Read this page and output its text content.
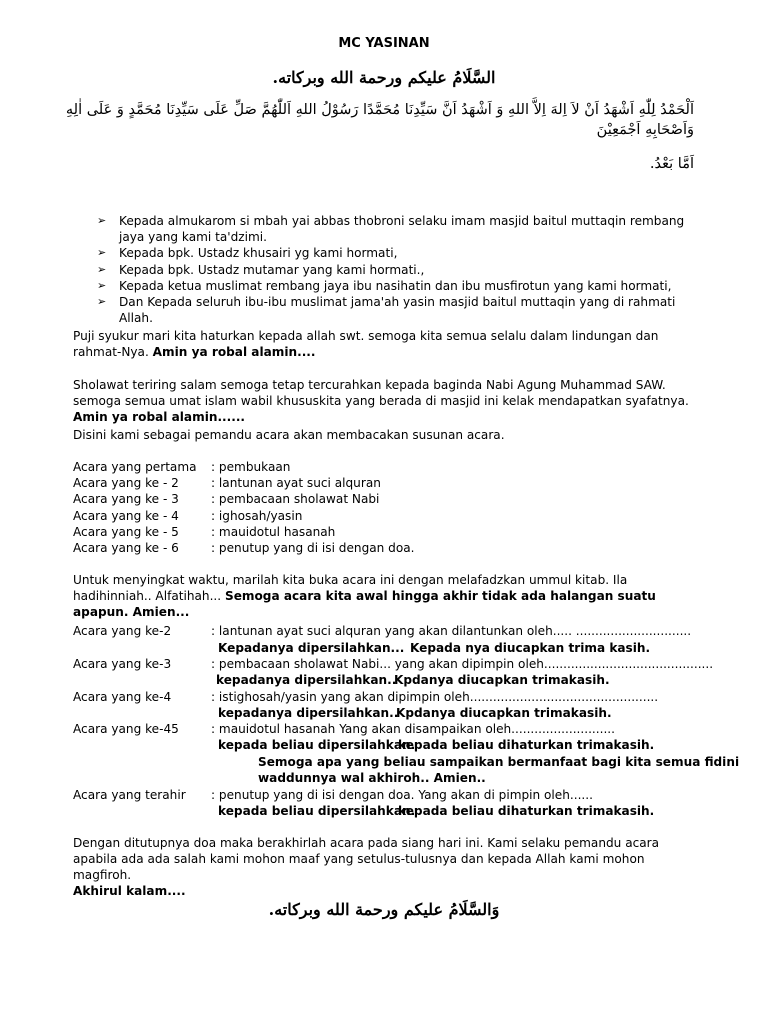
MC YASINAN
السَّلَامُ عليكم ورحمة الله وبركاته.
اَلْحَمْدُ لِلّٰهِ اَشْهَدُ اَنْ لاَ اِلهَ اِلاَّ اللهِ وَ اَشْهَدُ اَنَّ سَيِّدِنَا مُحَمَّدًا رَسُوْلُ اللهِ اَللّٰهُمَّ صَلِّ عَلَى سَيِّدِنَا مُحَمَّدٍ وَ عَلَى اٰلِهِ وَاَصْحَابِهِ اَجْمَعِيْنَ
اَمَّا بَعْدُ.
➢ Kepada almukarom si mbah yai abbas thobroni selaku imam masjid baitul muttaqin rembang jaya yang kami ta'dzimi.
➢ Kepada bpk. Ustadz khusairi yg kami hormati,
➢ Kepada bpk. Ustadz mutamar yang kami hormati.,
➢ Kepada ketua muslimat rembang jaya ibu nasihatin dan ibu musfirotun yang kami hormati,
➢ Dan Kepada seluruh ibu-ibu muslimat jama'ah yasin masjid baitul muttaqin yang di rahmati Allah.
Puji syukur mari kita haturkan kepada allah swt. semoga kita semua selalu dalam lindungan dan rahmat-Nya. Amin ya robal alamin....
Sholawat teriring salam semoga tetap tercurahkan kepada baginda Nabi Agung Muhammad SAW. semoga semua umat islam wabil khususkita yang berada di masjid ini kelak mendapatkan syafatnya. Amin ya robal alamin......
Disini kami sebagai pemandu acara akan membacakan susunan acara.
Acara yang pertama : pembukaan
Acara yang ke - 2	: lantunan ayat suci alquran
Acara yang ke - 3	: pembacaan sholawat Nabi
Acara yang ke - 4	: ighosah/yasin
Acara yang ke - 5	: mauidotul hasanah
Acara yang ke - 6	: penutup yang di isi dengan doa.
Untuk menyingkat waktu, marilah kita buka acara ini dengan melafadzkan ummul kitab. Ila hadihinniah.. Alfatihah... Semoga acara kita awal hingga akhir tidak ada halangan suatu apapun. Amien...
Acara yang ke-2	: lantunan ayat suci alquran yang akan dilantunkan oleh..... ..............................
Kepadanya dipersilahkan... Kepada nya diucapkan trima kasih.
Acara yang ke-3	: pembacaan sholawat Nabi... yang akan dipimpin oleh............................................
kepadanya dipersilahkan..
Kpdanya diucapkan trimakasih.
Acara yang ke-4	: istighosah/yasin yang akan dipimpin oleh.................................................
kepadanya dipersilahkan..
Kpdanya diucapkan trimakasih.
Acara yang ke-45	: mauidotul hasanah Yang akan disampaikan oleh...........................
kepada beliau dipersilahkan.
kepada beliau dihaturkan trimakasih.
Semoga apa yang beliau sampaikan bermanfaat bagi kita semua fidini
waddunnya wal akhiroh.. Amien..
Acara yang terahir : penutup yang di isi dengan doa. Yang akan di pimpin oleh......
kepada beliau dipersilahkan.
kepada beliau dihaturkan trimakasih.
Dengan ditutupnya doa maka berakhirlah acara pada siang hari ini. Kami selaku pemandu acara apabila ada ada salah kami mohon maaf yang setulus-tulusnya dan kepada Allah kami mohon magfiroh.
Akhirul kalam....
وَالسَّلَامُ عليكم ورحمة الله وبركاته.
